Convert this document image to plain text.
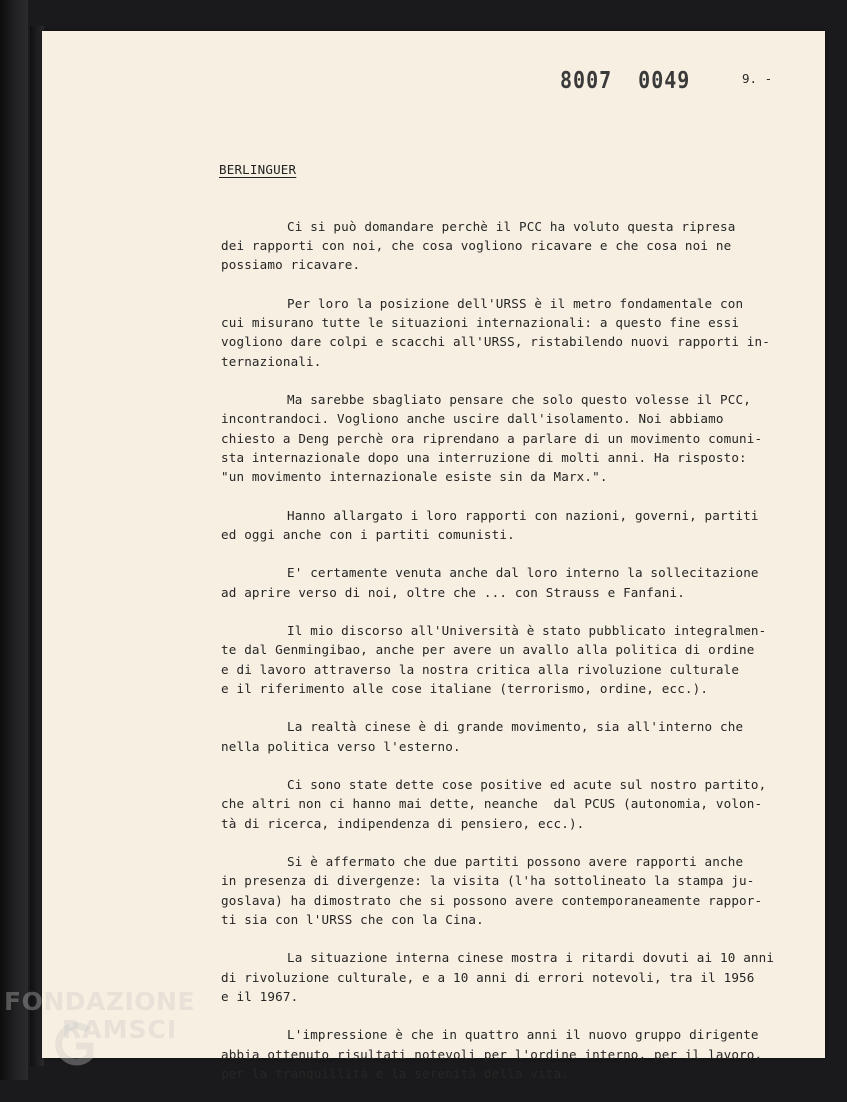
8007 0049	9. -
BERLINGUER
Ci si può domandare perchè il PCC ha voluto questa ripresa
dei rapporti con noi, che cosa vogliono ricavare e che cosa noi ne
possiamo ricavare.
Per loro la posizione dell'URSS è il metro fondamentale con
cui misurano tutte le situazioni internazionali: a questo fine essi
vogliono dare colpi e scacchi all'URSS, ristabilendo nuovi rapporti in-
ternazionali.
Ma sarebbe sbagliato pensare che solo questo volesse il PCC,
incontrandoci. Vogliono anche uscire dall'isolamento. Noi abbiamo
chiesto a Deng perchè ora riprendano a parlare di un movimento comuni-
sta internazionale dopo una interruzione di molti anni. Ha risposto:
"un movimento internazionale esiste sin da Marx.".
Hanno allargato i loro rapporti con nazioni, governi, partiti
ed oggi anche con i partiti comunisti.
E' certamente venuta anche dal loro interno la sollecitazione
ad aprire verso di noi, oltre che ... con Strauss e Fanfani.
Il mio discorso all'Università è stato pubblicato integralmen-
te dal Genmingibao, anche per avere un avallo alla politica di ordine
e di lavoro attraverso la nostra critica alla rivoluzione culturale
e il riferimento alle cose italiane (terrorismo, ordine, ecc.).
La realtà cinese è di grande movimento, sia all'interno che
nella politica verso l'esterno.
Ci sono state dette cose positive ed acute sul nostro partito,
che altri non ci hanno mai dette, neanche  dal PCUS (autonomia, volon-
tà di ricerca, indipendenza di pensiero, ecc.).
Si è affermato che due partiti possono avere rapporti anche
in presenza di divergenze: la visita (l'ha sottolineato la stampa ju-
goslava) ha dimostrato che si possono avere contemporaneamente rappor-
ti sia con l'URSS che con la Cina.
La situazione interna cinese mostra i ritardi dovuti ai 10 anni
di rivoluzione culturale, e a 10 anni di errori notevoli, tra il 1956
e il 1967.
L'impressione è che in quattro anni il nuovo gruppo dirigente
abbia ottenuto risultati notevoli per l'ordine interno, per il lavoro,
per la tranquillità e la serenità della vita.
FONDAZIONE
RAMSCI
